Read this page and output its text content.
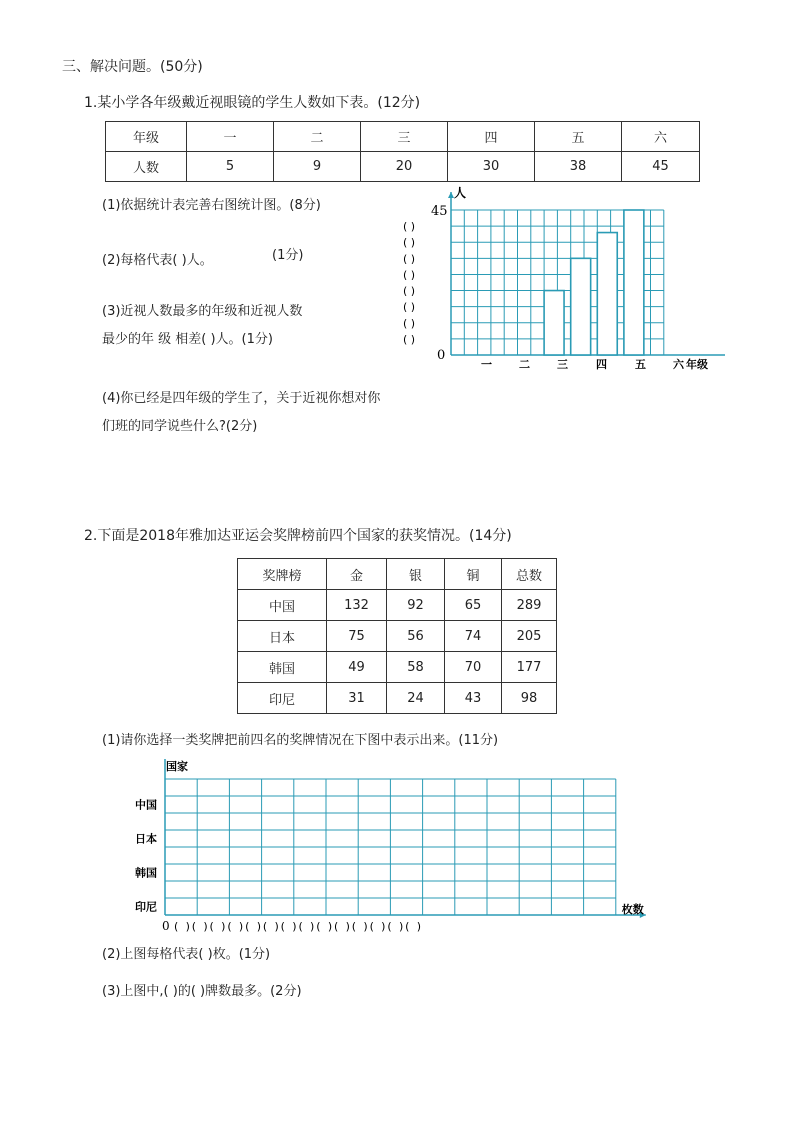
三、解决问题。(50分)
1.某小学各年级戴近视眼镜的学生人数如下表。(12分)
年级	一	二	三	四	五	六
人数	5	9	20	30	38	45
(1)依据统计表完善右图统计图。(8分)
(2)每格代表( )人。	(1分)
(3)近视人数最多的年级和近视人数
最少的年 级 相差( )人。(1分)
(4)你已经是四年级的学生了，关于近视你想对你
们班的同学说些什么?(2分)
45
人
0
( )
( )
( )
( )
( )
( )
( )
( )
一 二 三	四	五 六 年级
2.下面是2018年雅加达亚运会奖牌榜前四个国家的获奖情况。(14分)
奖牌榜	金	银	铜	总数
中国	132	92	65	289
日本	75	56	74	205
韩国	49	58	70	177
印尼	31	24	43	98
(1)请你选择一类奖牌把前四名的奖牌情况在下图中表示出来。(11分)
国家
中国
日本
韩国
印尼	枚数
0 ( )( )( )( )( )( )( )( )( )( )( )( )( )( )
(2)上图每格代表( )枚。(1分)
(3)上图中,( )的( )牌数最多。(2分)
